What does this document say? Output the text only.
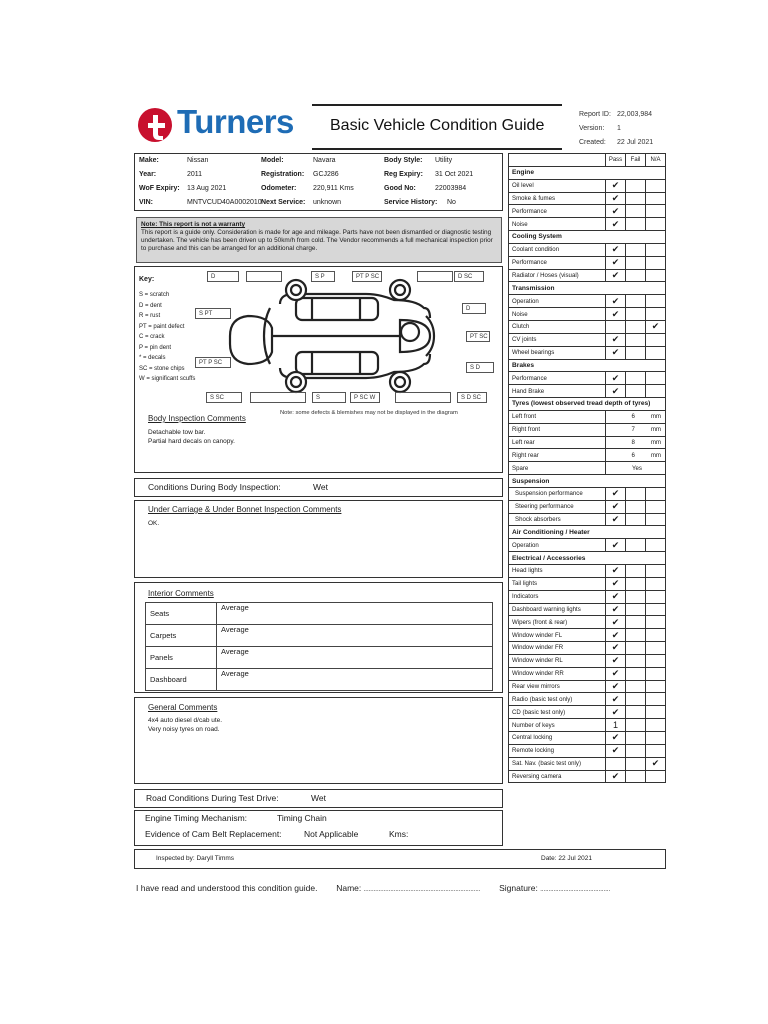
Turners Basic Vehicle Condition Guide
Report ID: 22,003,984
Version: 1
Created: 22 Jul 2021
Make:	Nissan	Model:	Navara	Body Style: Utility
Year:	2011	Registration: GCJ286	Reg Expiry: 31 Oct 2021
WoF Expiry: 13 Aug 2021	Odometer: 220,911 Kms	Good No:	22003984
VIN:	MNTVCUD40A0002010 Next Service: unknown	Service History: No
Note: This report is not a warranty
This report is a guide only. Consideration is made for age and mileage. Parts have not been dismantled or diagnostic testing undertaken. The vehicle has been driven up to 50km/h from cold. The Vendor recommends a full mechanical inspection prior to purchase and this can be arranged for an additional charge.
Key:
S = scratch
D = dent
R = rust
PT = paint defect
C = crack
P = pin dent
* = decals
SC = stone chips
W = significant scuffs
D	S P	PT P SC	D SC
S PT
D
PT SC
PT P SC
S D
S SC	S	P SC W	S D SC
Note: some defects & blemishes may not be displayed in the diagram
Body Inspection Comments
Detachable tow bar.
Partial hard decals on canopy.
Conditions During Body Inspection:	Wet
Under Carriage & Under Bonnet Inspection Comments
OK.
Interior Comments
Seats	Average
Carpets	Average
Panels	Average
Dashboard	Average
General Comments
4x4 auto diesel d/cab ute.
Very noisy tyres on road.
Road Conditions During Test Drive:	Wet
Engine Timing Mechanism:	Timing Chain
Evidence of Cam Belt Replacement:	Not Applicable	Kms:
	Pass	Fail	N/A
Engine			
Oil level	✔		
Smoke & fumes	✔		
Performance	✔		
Noise	✔		
Cooling System			
Coolant condition	✔		
Performance	✔		
Radiator / Hoses (visual)	✔		
Transmission			
Operation	✔		
Noise	✔		
Clutch			✔
CV joints	✔		
Wheel bearings	✔		
Brakes			
Performance	✔		
Hand Brake	✔		
Tyres (lowest observed tread depth of tyres)			
Left front	6 mm		
Right front	7 mm		
Left rear	8 mm		
Right rear	6 mm		
Spare	Yes		
Suspension			
Suspension performance	✔		
Steering performance	✔		
Shock absorbers	✔		
Air Conditioning / Heater			
Operation	✔		
Electrical / Accessories			
Head lights	✔		
Tail lights	✔		
Indicators	✔		
Dashboard warning lights	✔		
Wipers (front & rear)	✔		
Window winder FL	✔		
Window winder FR	✔		
Window winder RL	✔		
Window winder RR	✔		
Rear view mirrors	✔		
Radio (basic test only)	✔		
CD (basic test only)	✔		
Number of keys	1		
Central locking	✔		
Remote locking	✔		
Sat. Nav. (basic test only)			✔
Reversing camera	✔		
Inspected by: Daryll Timms	Date: 22 Jul 2021
I have read and understood this condition guide. Name: ...................................................................... Signature: ..........................................
